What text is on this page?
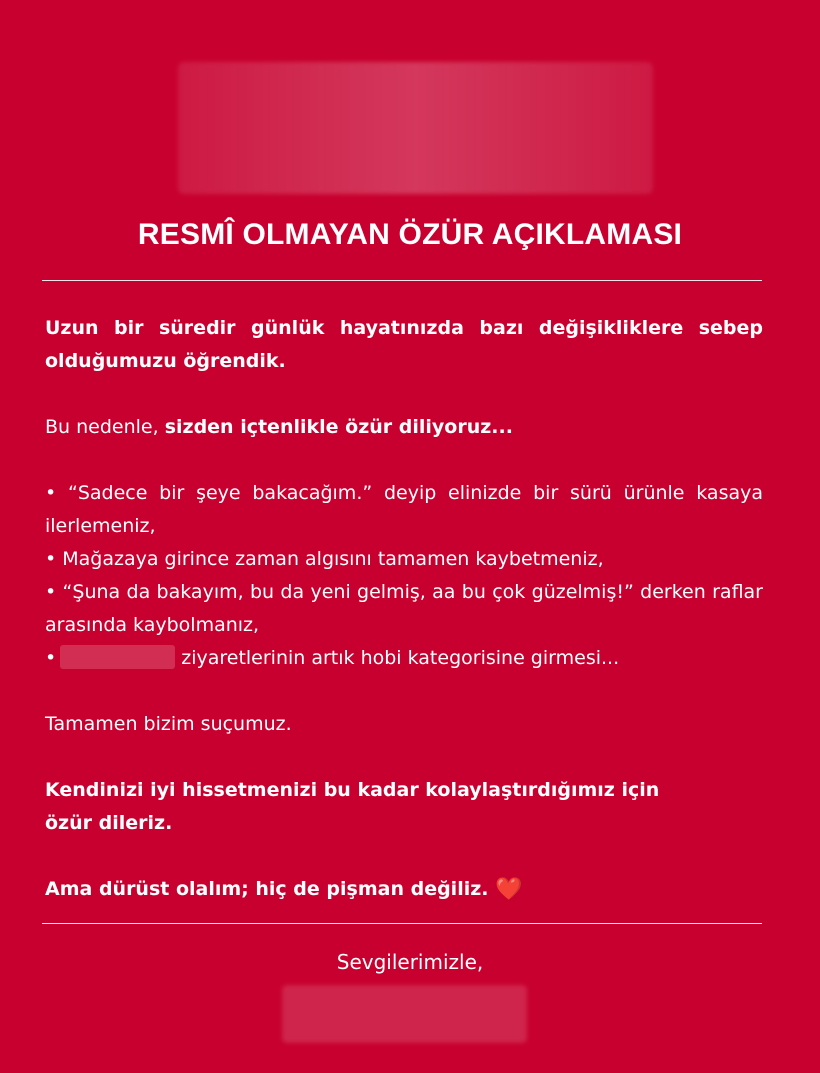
RESMÎ OLMAYAN ÖZÜR AÇIKLAMASI

Uzun bir süredir günlük hayatınızda bazı değişikliklere sebep olduğumuzu öğrendik.

Bu nedenle, sizden içtenlikle özür diliyoruz...

• “Sadece bir şeye bakacağım.” deyip elinizde bir sürü ürünle kasaya ilerlemeniz,

• Mağazaya girince zaman algısını tamamen kaybetmeniz,

• “Şuna da bakayım, bu da yeni gelmiş, aa bu çok güzelmiş!” derken raflar arasında kaybolmanız,

•	ziyaretlerinin artık hobi kategorisine girmesi...

Tamamen bizim suçumuz.

Kendinizi iyi hissetmenizi bu kadar kolaylaştırdığımız için özür dileriz.

Ama dürüst olalım; hiç de pişman değiliz. ❤️

Sevgilerimizle,
